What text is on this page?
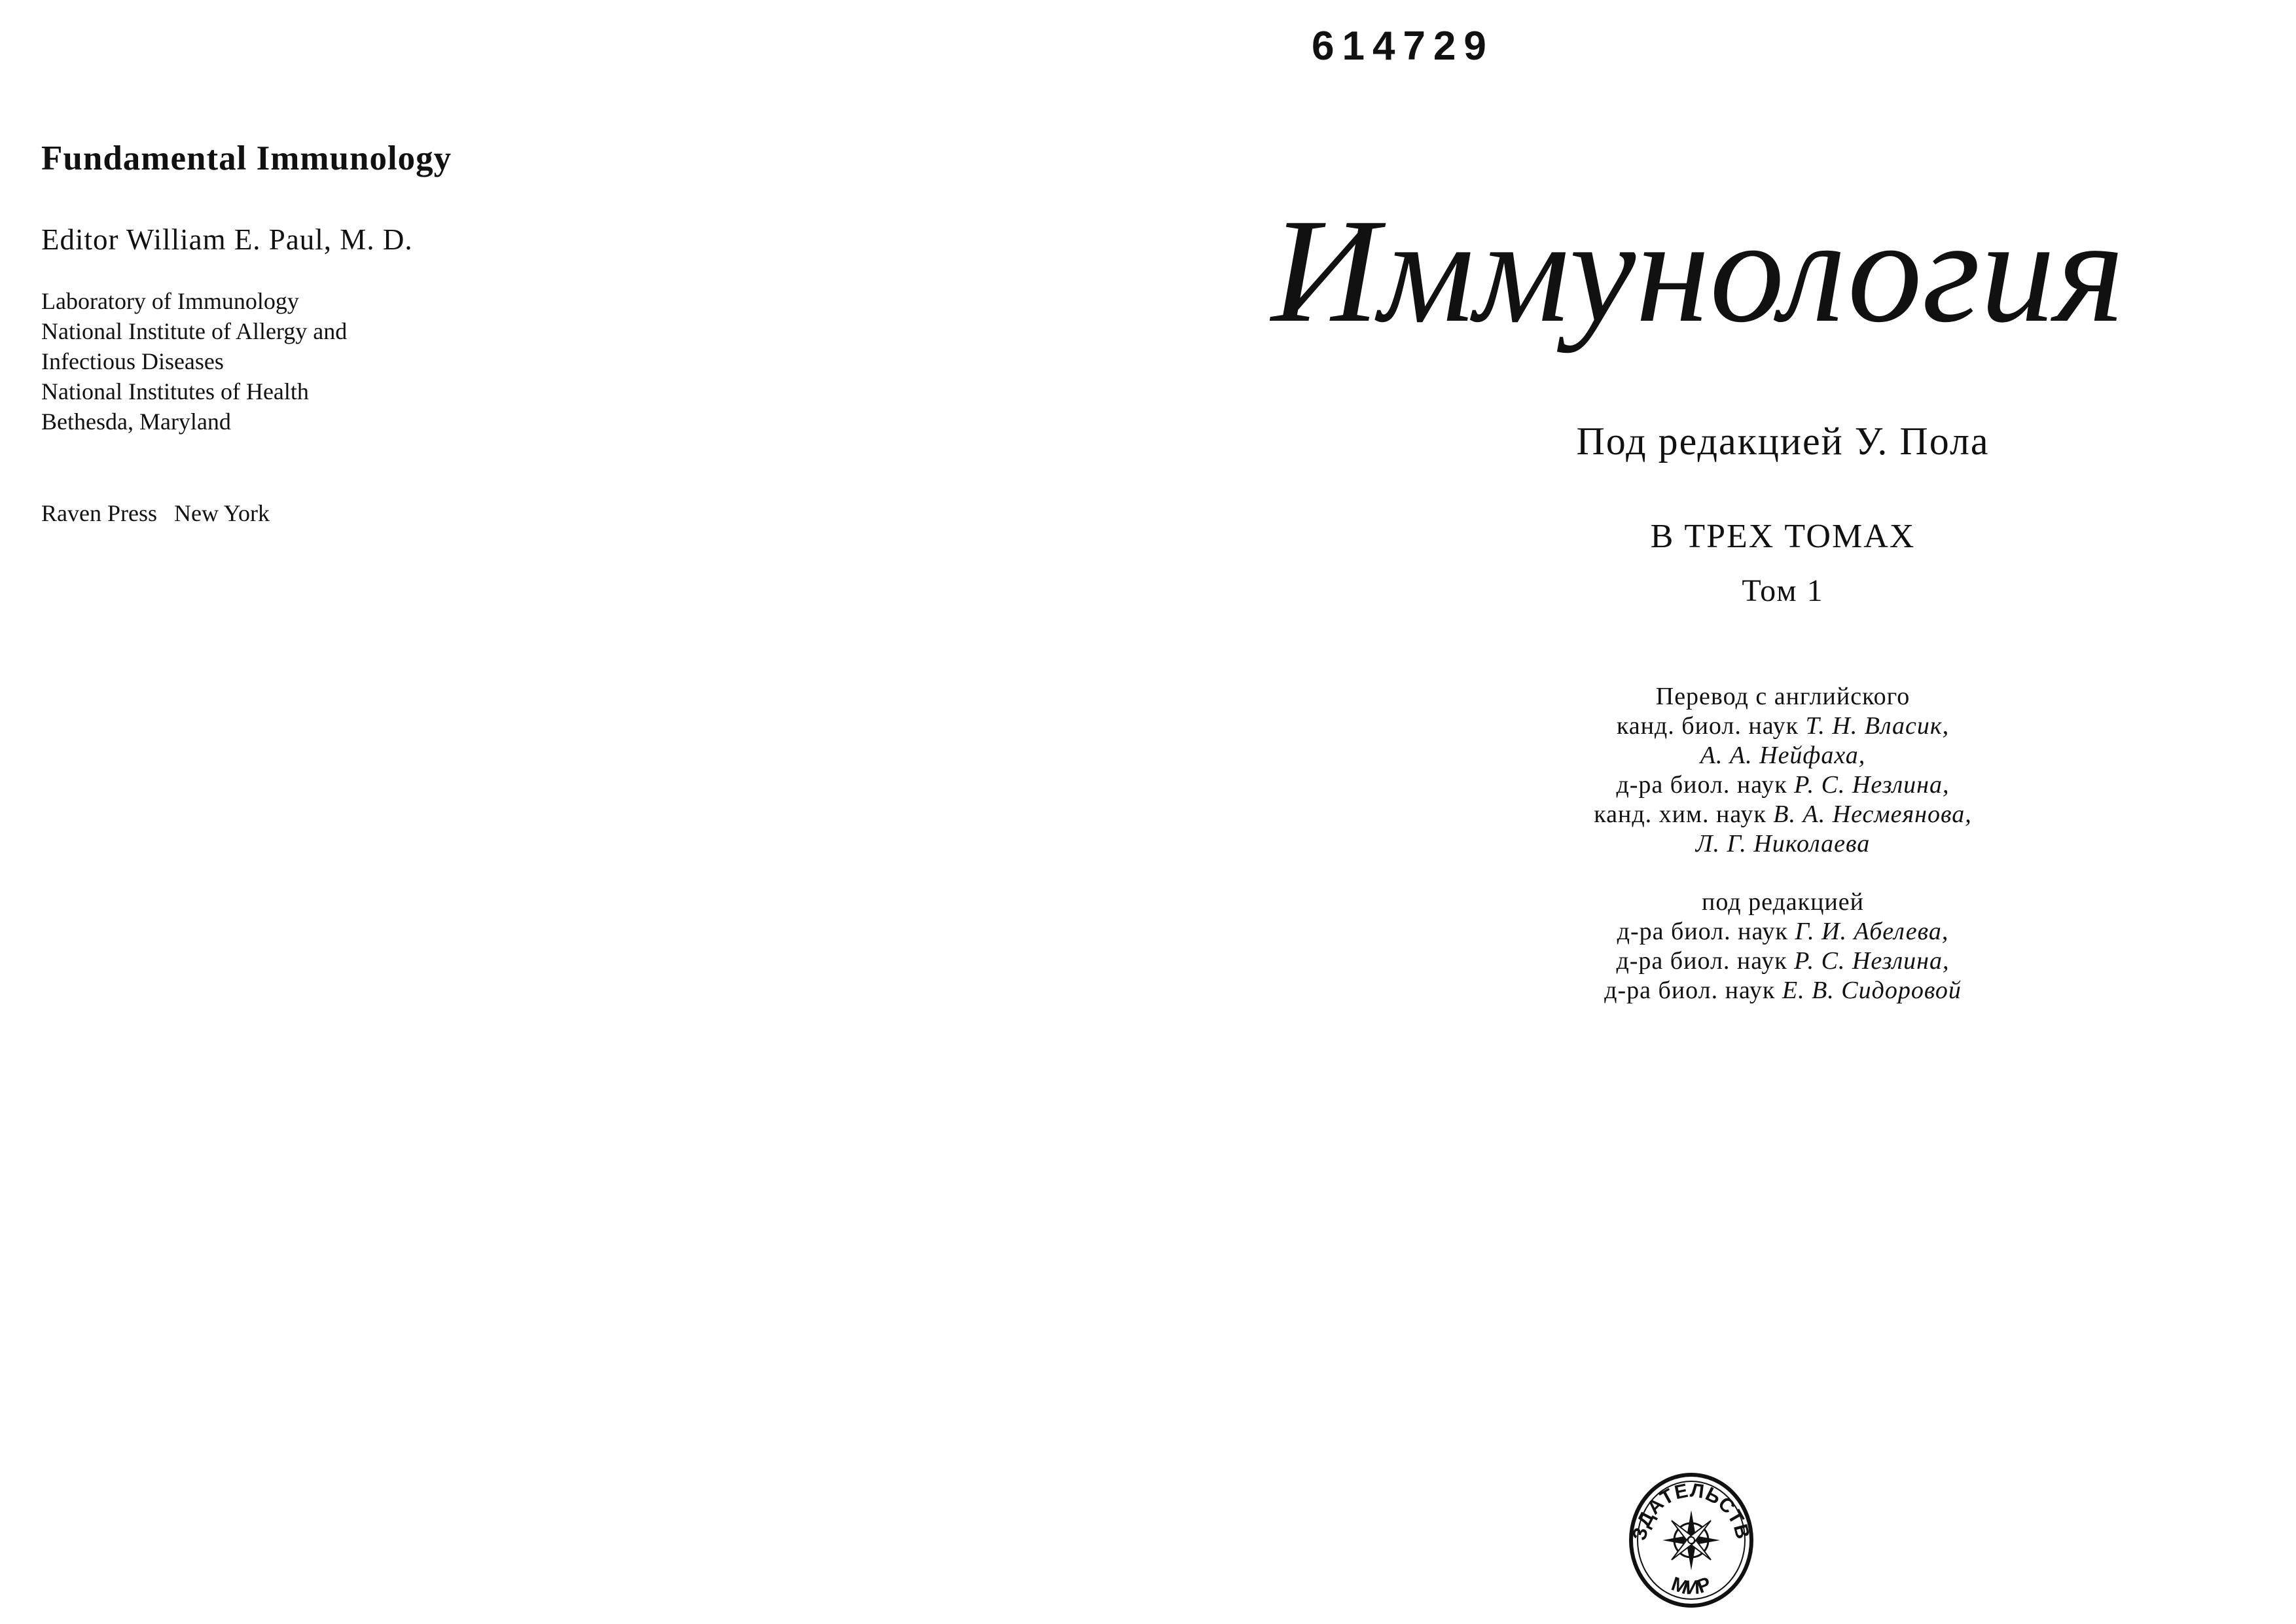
Fundamental Immunology
Editor William E. Paul, M. D.
Laboratory of Immunology
National Institute of Allergy and
Infectious Diseases
National Institutes of Health
Bethesda, Maryland
Raven Press New York
614729
Иммунология
Под редакцией У. Пола
В ТРЕХ ТОМАХ
Том 1
Перевод с английского
канд. биол. наук Т. Н. Власик,
А. А. Нейфаха,
д-ра биол. наук Р. С. Незлина,
канд. хим. наук В. А. Несмеянова,
Л. Г. Николаева
под редакцией
д-ра биол. наук Г. И. Абелева,
д-ра биол. наук Р. С. Незлина,
д-ра биол. наук Е. В. Сидоровой
ЗДАТЕЛЬСТВ
МИР
